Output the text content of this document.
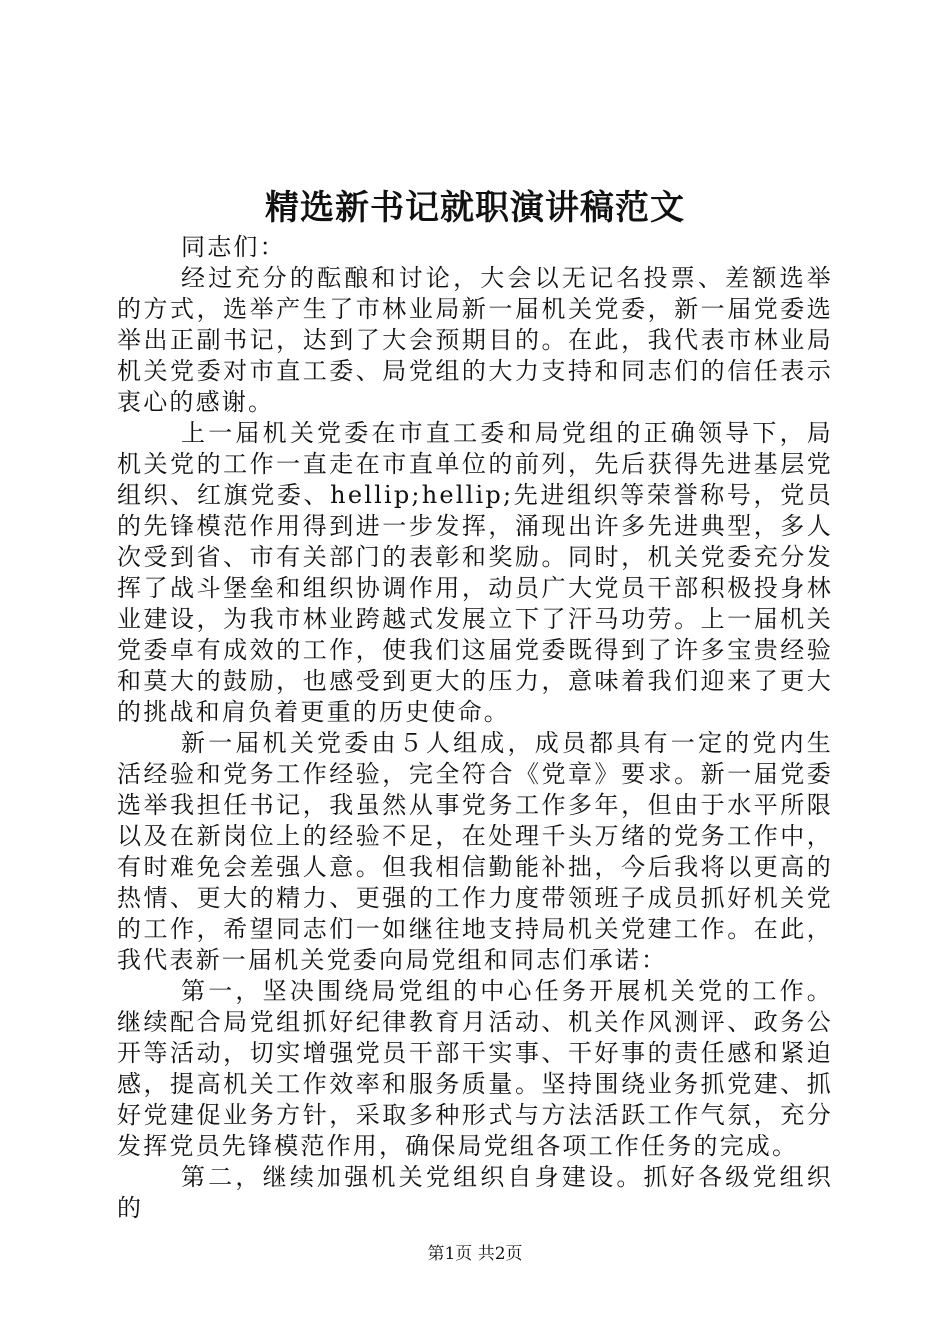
精选新书记就职演讲稿范文

同志们：

经过充分的酝酿和讨论，大会以无记名投票、差额选举的方式，选举产生了市林业局新一届机关党委，新一届党委选举出正副书记，达到了大会预期目的。在此，我代表市林业局机关党委对市直工委、局党组的大力支持和同志们的信任表示衷心的感谢。

上一届机关党委在市直工委和局党组的正确领导下，局机关党的工作一直走在市直单位的前列，先后获得先进基层党组织、红旗党委、hellip;hellip;先进组织等荣誉称号，党员的先锋模范作用得到进一步发挥，涌现出许多先进典型，多人次受到省、市有关部门的表彰和奖励。同时，机关党委充分发挥了战斗堡垒和组织协调作用，动员广大党员干部积极投身林业建设，为我市林业跨越式发展立下了汗马功劳。上一届机关党委卓有成效的工作，使我们这届党委既得到了许多宝贵经验和莫大的鼓励，也感受到更大的压力，意味着我们迎来了更大的挑战和肩负着更重的历史使命。

新一届机关党委由５人组成，成员都具有一定的党内生活经验和党务工作经验，完全符合《党章》要求。新一届党委选举我担任书记，我虽然从事党务工作多年，但由于水平所限以及在新岗位上的经验不足，在处理千头万绪的党务工作中，有时难免会差强人意。但我相信勤能补拙，今后我将以更高的热情、更大的精力、更强的工作力度带领班子成员抓好机关党的工作，希望同志们一如继往地支持局机关党建工作。在此，我代表新一届机关党委向局党组和同志们承诺：

第一，坚决围绕局党组的中心任务开展机关党的工作。继续配合局党组抓好纪律教育月活动、机关作风测评、政务公开等活动，切实增强党员干部干实事、干好事的责任感和紧迫感，提高机关工作效率和服务质量。坚持围绕业务抓党建、抓好党建促业务方针，采取多种形式与方法活跃工作气氛，充分发挥党员先锋模范作用，确保局党组各项工作任务的完成。

第二，继续加强机关党组织自身建设。抓好各级党组织的

第1页 共2页
